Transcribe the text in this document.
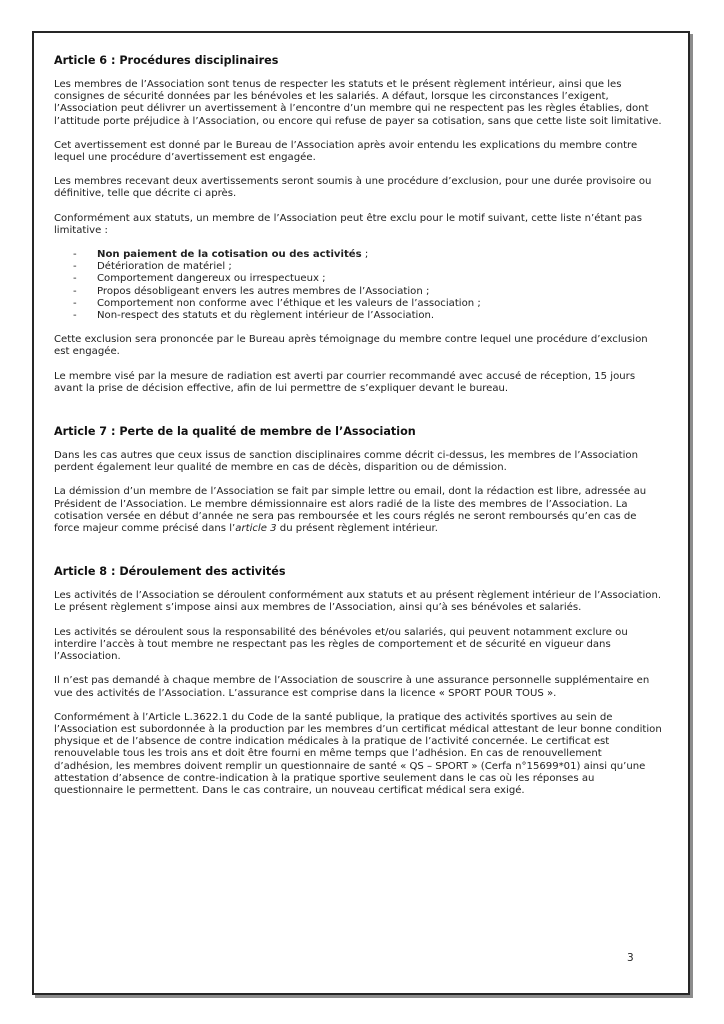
Article 6 : Procédures disciplinaires

Les membres de l’Association sont tenus de respecter les statuts et le présent règlement intérieur, ainsi que les consignes de sécurité données par les bénévoles et les salariés. A défaut, lorsque les circonstances l’exigent, l’Association peut délivrer un avertissement à l’encontre d’un membre qui ne respectent pas les règles établies, dont l’attitude porte préjudice à l’Association, ou encore qui refuse de payer sa cotisation, sans que cette liste soit limitative.

Cet avertissement est donné par le Bureau de l’Association après avoir entendu les explications du membre contre lequel une procédure d’avertissement est engagée.

Les membres recevant deux avertissements seront soumis à une procédure d’exclusion, pour une durée provisoire ou définitive, telle que décrite ci après.

Conformément aux statuts, un membre de l’Association peut être exclu pour le motif suivant, cette liste n’étant pas limitative :

- Non paiement de la cotisation ou des activités ;
- Détérioration de matériel ;
- Comportement dangereux ou irrespectueux ;
- Propos désobligeant envers les autres membres de l’Association ;
- Comportement non conforme avec l’éthique et les valeurs de l’association ;
- Non-respect des statuts et du règlement intérieur de l’Association.

Cette exclusion sera prononcée par le Bureau après témoignage du membre contre lequel une procédure d’exclusion est engagée.

Le membre visé par la mesure de radiation est averti par courrier recommandé avec accusé de réception, 15 jours avant la prise de décision effective, afin de lui permettre de s’expliquer devant le bureau.

Article 7 : Perte de la qualité de membre de l’Association

Dans les cas autres que ceux issus de sanction disciplinaires comme décrit ci-dessus, les membres de l’Association perdent également leur qualité de membre en cas de décès, disparition ou de démission.

La démission d’un membre de l’Association se fait par simple lettre ou email, dont la rédaction est libre, adressée au Président de l’Association. Le membre démissionnaire est alors radié de la liste des membres de l’Association. La cotisation versée en début d’année ne sera pas remboursée et les cours réglés ne seront remboursés qu’en cas de force majeur comme précisé dans l’article 3 du présent règlement intérieur.

Article 8 : Déroulement des activités

Les activités de l’Association se déroulent conformément aux statuts et au présent règlement intérieur de l’Association. Le présent règlement s’impose ainsi aux membres de l’Association, ainsi qu’à ses bénévoles et salariés.

Les activités se déroulent sous la responsabilité des bénévoles et/ou salariés, qui peuvent notamment exclure ou interdire l’accès à tout membre ne respectant pas les règles de comportement et de sécurité en vigueur dans l’Association.

Il n’est pas demandé à chaque membre de l’Association de souscrire à une assurance personnelle supplémentaire en vue des activités de l’Association. L’assurance est comprise dans la licence « SPORT POUR TOUS ».

Conformément à l’Article L.3622.1 du Code de la santé publique, la pratique des activités sportives au sein de l’Association est subordonnée à la production par les membres d’un certificat médical attestant de leur bonne condition physique et de l’absence de contre indication médicales à la pratique de l’activité concernée. Le certificat est renouvelable tous les trois ans et doit être fourni en même temps que l’adhésion. En cas de renouvellement d’adhésion, les membres doivent remplir un questionnaire de santé « QS – SPORT » (Cerfa n°15699*01) ainsi qu’une attestation d’absence de contre-indication à la pratique sportive seulement dans le cas où les réponses au questionnaire le permettent. Dans le cas contraire, un nouveau certificat médical sera exigé.

3
